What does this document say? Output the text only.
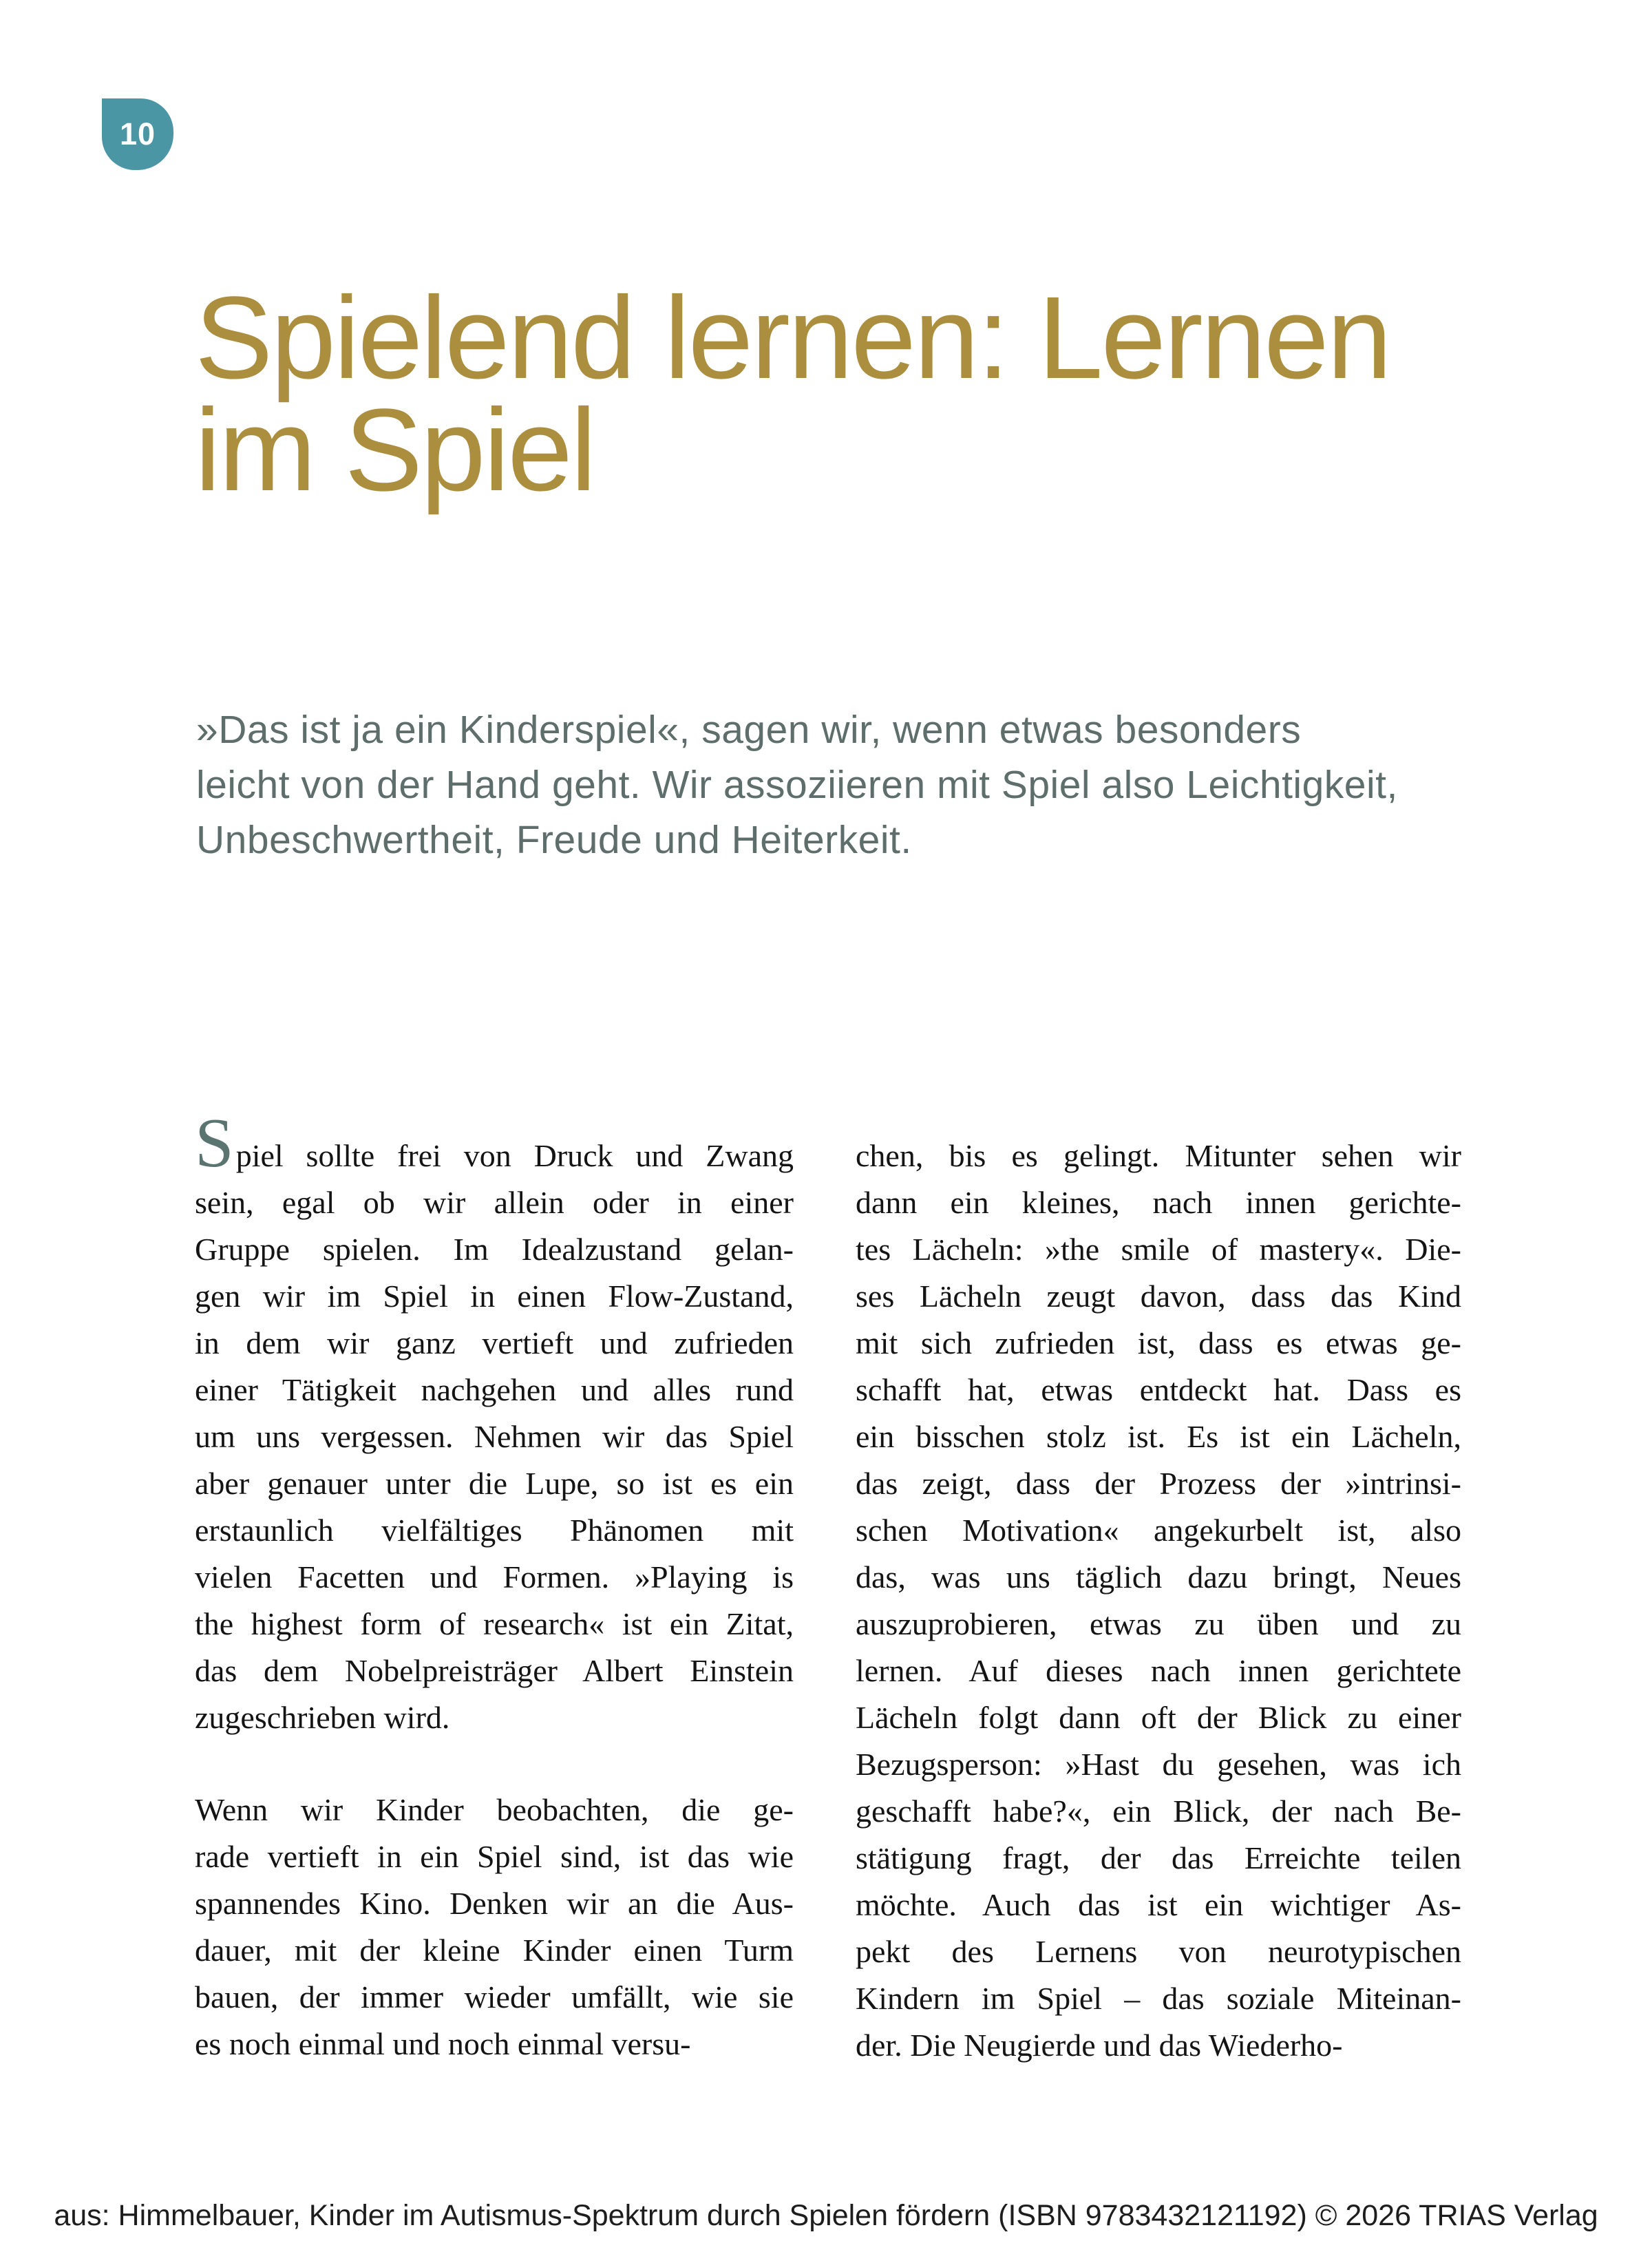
10
Spielend lernen: Lernen
im Spiel

»Das ist ja ein Kinderspiel«, sagen wir, wenn etwas besonders
leicht von der Hand geht. Wir assoziieren mit Spiel also Leichtigkeit,
Unbeschwertheit, Freude und Heiterkeit.

Spiel sollte frei von Druck und Zwang
sein, egal ob wir allein oder in einer
Gruppe spielen. Im Idealzustand gelan-
gen wir im Spiel in einen Flow-Zustand,
in dem wir ganz vertieft und zufrieden
einer Tätigkeit nachgehen und alles rund
um uns vergessen. Nehmen wir das Spiel
aber genauer unter die Lupe, so ist es ein
erstaunlich vielfältiges Phänomen mit
vielen Facetten und Formen. »Playing is
the highest form of research« ist ein Zitat,
das dem Nobelpreisträger Albert Einstein
zugeschrieben wird.
Wenn wir Kinder beobachten, die ge-
rade vertieft in ein Spiel sind, ist das wie
spannendes Kino. Denken wir an die Aus-
dauer, mit der kleine Kinder einen Turm
bauen, der immer wieder umfällt, wie sie
es noch einmal und noch einmal versu-
chen, bis es gelingt. Mitunter sehen wir
dann ein kleines, nach innen gerichte-
tes Lächeln: »the smile of mastery«. Die-
ses Lächeln zeugt davon, dass das Kind
mit sich zufrieden ist, dass es etwas ge-
schafft hat, etwas entdeckt hat. Dass es
ein bisschen stolz ist. Es ist ein Lächeln,
das zeigt, dass der Prozess der »intrinsi-
schen Motivation« angekurbelt ist, also
das, was uns täglich dazu bringt, Neues
auszuprobieren, etwas zu üben und zu
lernen. Auf dieses nach innen gerichtete
Lächeln folgt dann oft der Blick zu einer
Bezugsperson: »Hast du gesehen, was ich
geschafft habe?«, ein Blick, der nach Be-
stätigung fragt, der das Erreichte teilen
möchte. Auch das ist ein wichtiger As-
pekt des Lernens von neurotypischen
Kindern im Spiel – das soziale Miteinan-
der. Die Neugierde und das Wiederho-
aus: Himmelbauer, Kinder im Autismus-Spektrum durch Spielen fördern (ISBN 9783432121192) © 2026 TRIAS Verlag
